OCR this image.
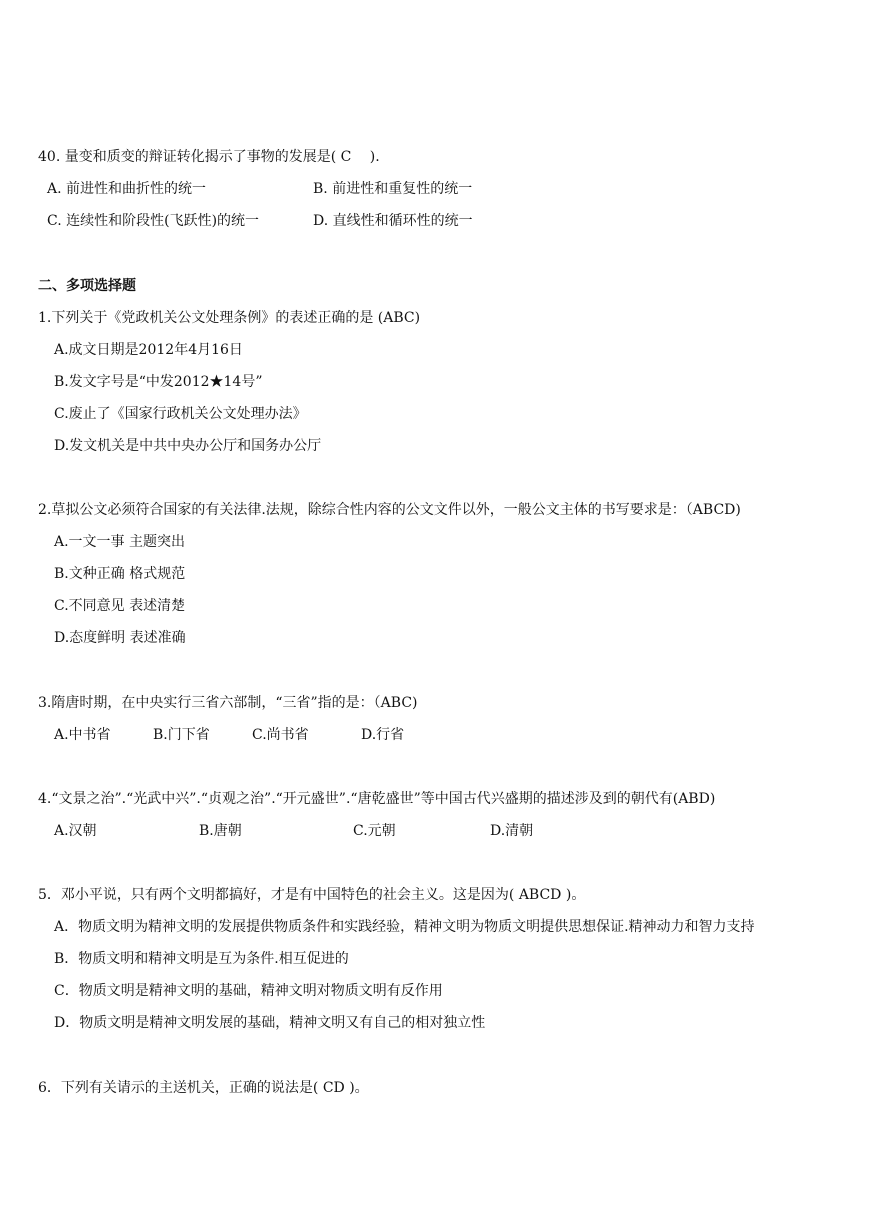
40. 量变和质变的辩证转化揭示了事物的发展是( C　 ).
A. 前进性和曲折性的统一	B. 前进性和重复性的统一
C. 连续性和阶段性(飞跃性)的统一	D. 直线性和循环性的统一
二、多项选择题
1.下列关于《党政机关公文处理条例》的表述正确的是 (ABC)
A.成文日期是2012年4月16日
B.发文字号是“中发2012★14号”
C.废止了《国家行政机关公文处理办法》
D.发文机关是中共中央办公厅和国务办公厅
2.草拟公文必须符合国家的有关法律.法规，除综合性内容的公文文件以外，一般公文主体的书写要求是：（ABCD)
A.一文一事 主题突出
B.文种正确 格式规范
C.不同意见 表述清楚
D.态度鲜明 表述准确
3.隋唐时期，在中央实行三省六部制，“三省”指的是：（ABC)
A.中书省	B.门下省	C.尚书省	D.行省
4.“文景之治”.“光武中兴”.“贞观之治”.“开元盛世”.“唐乾盛世”等中国古代兴盛期的描述涉及到的朝代有(ABD)
A.汉朝	B.唐朝	C.元朝	D.清朝
5．邓小平说，只有两个文明都搞好，才是有中国特色的社会主义。这是因为( ABCD )。
A．物质文明为精神文明的发展提供物质条件和实践经验，精神文明为物质文明提供思想保证.精神动力和智力支持
B．物质文明和精神文明是互为条件.相互促进的
C．物质文明是精神文明的基础，精神文明对物质文明有反作用
D．物质文明是精神文明发展的基础，精神文明又有自己的相对独立性
6．下列有关请示的主送机关，正确的说法是( CD )。
